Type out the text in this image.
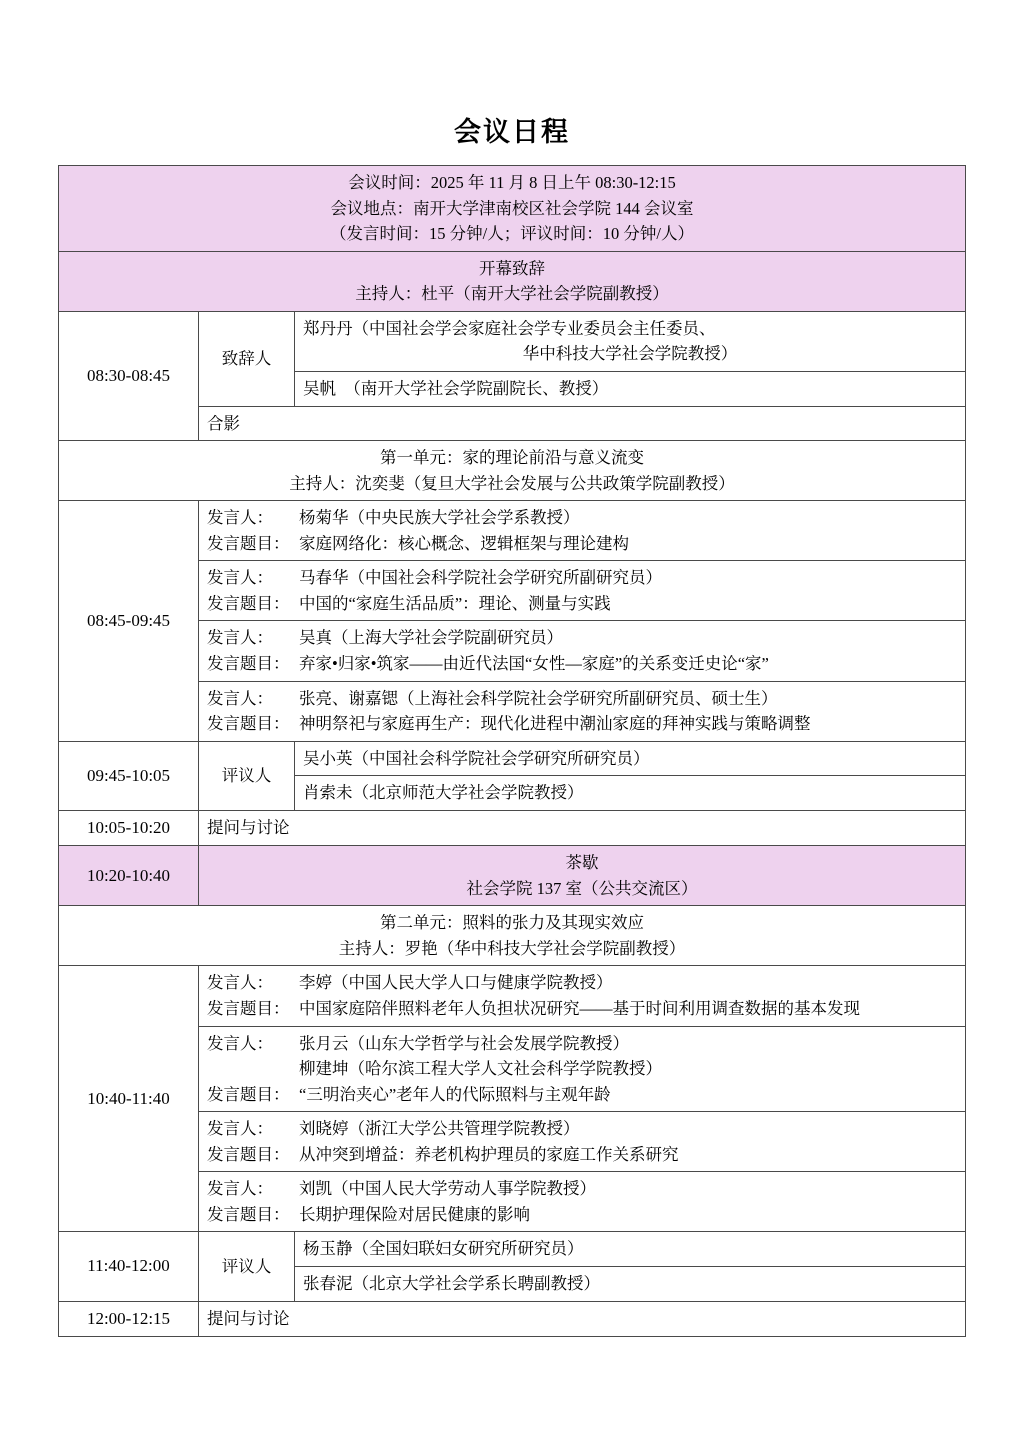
会议日程
会议时间：2025 年 11 月 8 日上午 08:30-12:15
会议地点：南开大学津南校区社会学院 144 会议室
（发言时间：15 分钟/人；评议时间：10 分钟/人）		

开幕致辞
主持人：杜平（南开大学社会学院副教授）		

08:30-08:45	致辞人	郑丹丹（中国社会学会家庭社会学专业委员会主任委员、
华中科技大学社会学院教授）

		吴帆　（南开大学社会学院副院长、教授）
	合影	

第一单元：家的理论前沿与意义流变
主持人：沈奕斐（复旦大学社会发展与公共政策学院副教授）		

08:45-09:45	发言人： 杨菊华（中央民族大学社会学系教授）
发言题目： 家庭网络化：核心概念、逻辑框架与理论建构	

	发言人： 马春华（中国社会科学院社会学研究所副研究员）
发言题目： 中国的“家庭生活品质”：理论、测量与实践	

	发言人： 吴真（上海大学社会学院副研究员）
发言题目： 弃家•归家•筑家——由近代法国“女性—家庭”的关系变迁史论“家”	

	发言人： 张亮、谢嘉锶（上海社会科学院社会学研究所副研究员、硕士生）
发言题目： 神明祭祀与家庭再生产：现代化进程中潮汕家庭的拜神实践与策略调整	

09:45-10:05	评议人	吴小英（中国社会科学院社会学研究所研究员）
		肖索未（北京师范大学社会学院教授）
10:05-10:20	提问与讨论	
10:20-10:40	茶歇
社会学院 137 室（公共交流区）	

第二单元：照料的张力及其现实效应
主持人：罗艳（华中科技大学社会学院副教授）		

10:40-11:40	发言人： 李婷（中国人民大学人口与健康学院教授）
发言题目： 中国家庭陪伴照料老年人负担状况研究——基于时间利用调查数据的基本发现	

	发言人： 张月云（山东大学哲学与社会发展学院教授）
柳建坤（哈尔滨工程大学人文社会科学学院教授）
发言题目： “三明治夹心”老年人的代际照料与主观年龄	

	发言人： 刘晓婷（浙江大学公共管理学院教授）
发言题目： 从冲突到增益：养老机构护理员的家庭工作关系研究	

	发言人： 刘凯（中国人民大学劳动人事学院教授）
发言题目： 长期护理保险对居民健康的影响	

11:40-12:00	评议人	杨玉静（全国妇联妇女研究所研究员）
		张春泥（北京大学社会学系长聘副教授）
12:00-12:15	提问与讨论	
